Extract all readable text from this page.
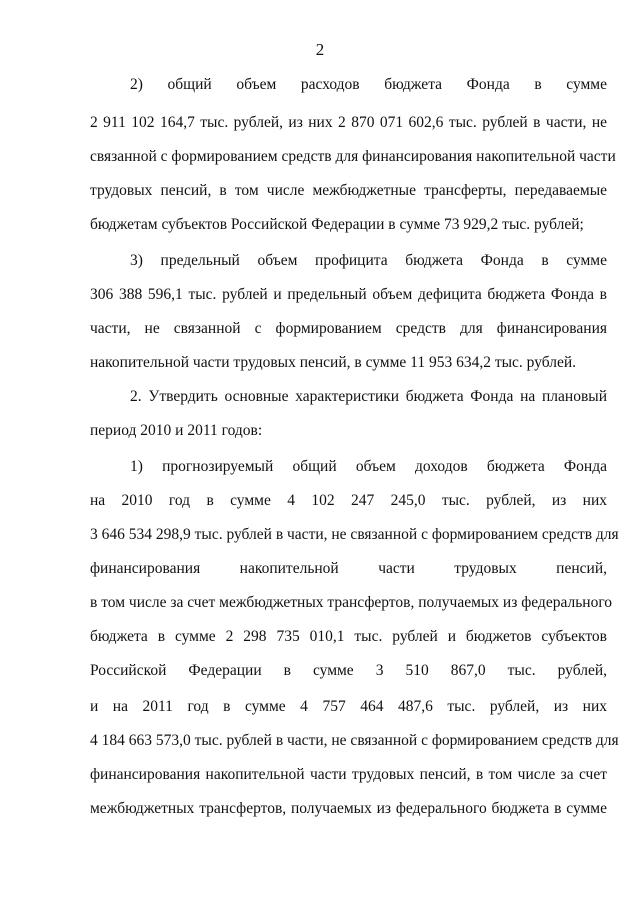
2
2) общий объем расходов бюджета Фонда в сумме
2 911 102 164,7 тыс. рублей, из них 2 870 071 602,6 тыс. рублей в части, не
связанной с формированием средств для финансирования накопительной части
трудовых пенсий, в том числе межбюджетные трансферты, передаваемые
бюджетам субъектов Российской Федерации в сумме 73 929,2 тыс. рублей;
3) предельный объем профицита бюджета Фонда в сумме
306 388 596,1 тыс. рублей и предельный объем дефицита бюджета Фонда в
части, не связанной с формированием средств для финансирования
накопительной части трудовых пенсий, в сумме 11 953 634,2 тыс. рублей.
2. Утвердить основные характеристики бюджета Фонда на плановый
период 2010 и 2011 годов:
1) прогнозируемый общий объем доходов бюджета Фонда
на 2010 год в сумме 4 102 247 245,0 тыс. рублей, из них
3 646 534 298,9 тыс. рублей в части, не связанной с формированием средств для
финансирования накопительной части трудовых пенсий,
в том числе за счет межбюджетных трансфертов, получаемых из федерального
бюджета в сумме 2 298 735 010,1 тыс. рублей и бюджетов субъектов
Российской Федерации в сумме 3 510 867,0 тыс. рублей,
и на 2011 год в сумме 4 757 464 487,6 тыс. рублей, из них
4 184 663 573,0 тыс. рублей в части, не связанной с формированием средств для
финансирования накопительной части трудовых пенсий, в том числе за счет
межбюджетных трансфертов, получаемых из федерального бюджета в сумме
